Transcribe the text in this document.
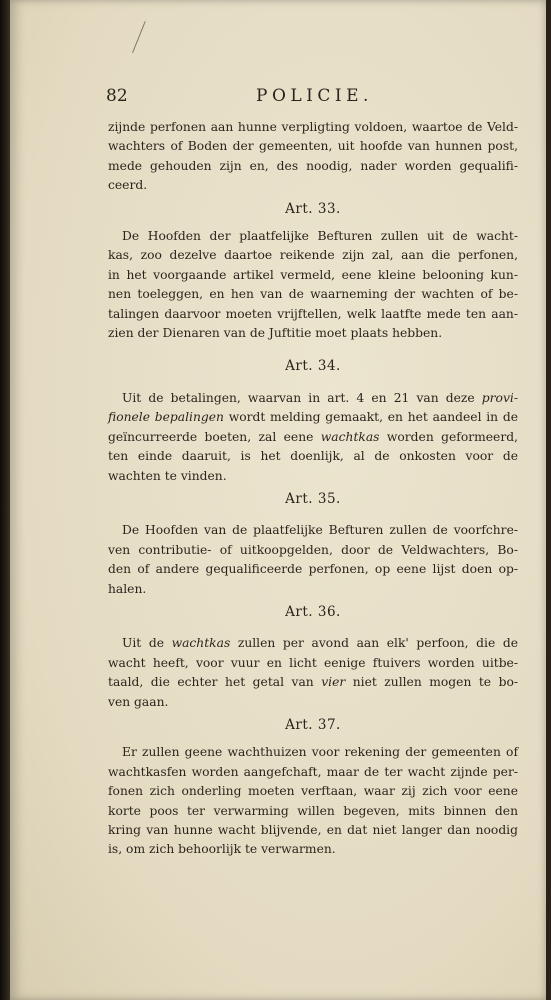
82	POLICIE.
zijnde perfonen aan hunne verpligting voldoen, waartoe de Veld-
wachters of Boden der gemeenten, uit hoofde van hunnen post,
mede gehouden zijn en, des noodig, nader worden gequalifi-
ceerd.
Art. 33.
De Hoofden der plaatfelijke Befturen zullen uit de wacht-
kas, zoo dezelve daartoe reikende zijn zal, aan die perfonen,
in het voorgaande artikel vermeld, eene kleine belooning kun-
nen toeleggen, en hen van de waarneming der wachten of be-
talingen daarvoor moeten vrijftellen, welk laatfte mede ten aan-
zien der Dienaren van de Juftitie moet plaats hebben.
Art. 34.
Uit de betalingen, waarvan in art. 4 en 21 van deze provi-
fionele bepalingen wordt melding gemaakt, en het aandeel in de
geïncurreerde boeten, zal eene wachtkas worden geformeerd,
ten einde daaruit, is het doenlijk, al de onkosten voor de
wachten te vinden.
Art. 35.
De Hoofden van de plaatfelijke Befturen zullen de voorfchre-
ven contributie- of uitkoopgelden, door de Veldwachters, Bo-
den of andere gequalificeerde perfonen, op eene lijst doen op-
halen.
Art. 36.
Uit de wachtkas zullen per avond aan elk' perfoon, die de
wacht heeft, voor vuur en licht eenige ftuivers worden uitbe-
taald, die echter het getal van vier niet zullen mogen te bo-
ven gaan.
Art. 37.
Er zullen geene wachthuizen voor rekening der gemeenten of
wachtkasfen worden aangefchaft, maar de ter wacht zijnde per-
fonen zich onderling moeten verftaan, waar zij zich voor eene
korte poos ter verwarming willen begeven, mits binnen den
kring van hunne wacht blijvende, en dat niet langer dan noodig
is, om zich behoorlijk te verwarmen.
